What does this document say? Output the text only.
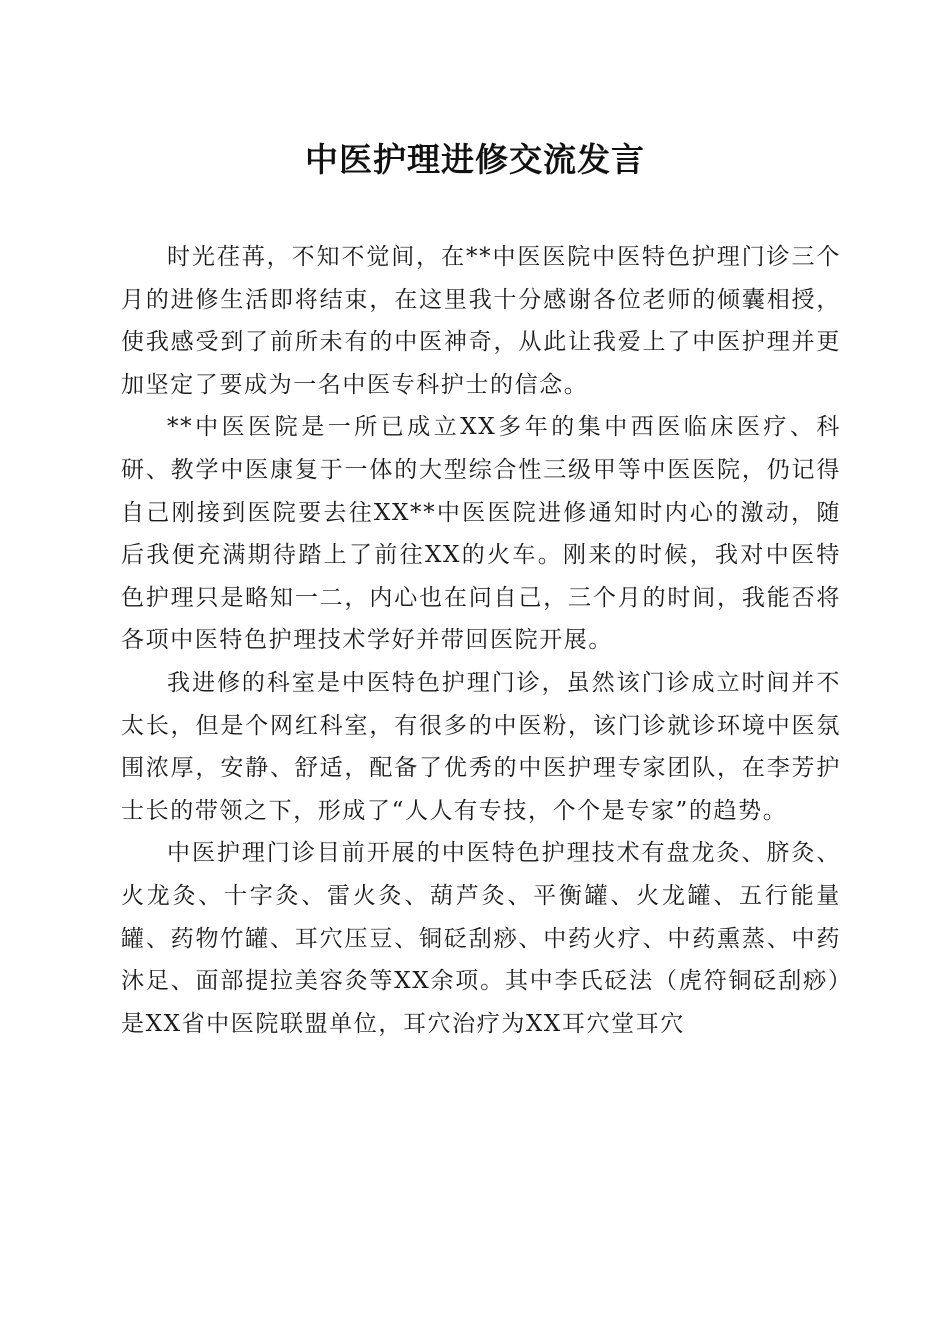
中医护理进修交流发言

时光荏苒，不知不觉间，在**中医医院中医特色护理门诊三个月的进修生活即将结束，在这里我十分感谢各位老师的倾囊相授，使我感受到了前所未有的中医神奇，从此让我爱上了中医护理并更加坚定了要成为一名中医专科护士的信念。

**中医医院是一所已成立XX多年的集中西医临床医疗、科研、教学中医康复于一体的大型综合性三级甲等中医医院，仍记得自己刚接到医院要去往XX**中医医院进修通知时内心的激动，随后我便充满期待踏上了前往XX的火车。刚来的时候，我对中医特色护理只是略知一二，内心也在问自己，三个月的时间，我能否将各项中医特色护理技术学好并带回医院开展。

我进修的科室是中医特色护理门诊，虽然该门诊成立时间并不太长，但是个网红科室，有很多的中医粉，该门诊就诊环境中医氛围浓厚，安静、舒适，配备了优秀的中医护理专家团队，在李芳护士长的带领之下，形成了“人人有专技，个个是专家”的趋势。

中医护理门诊目前开展的中医特色护理技术有盘龙灸、脐灸、火龙灸、十字灸、雷火灸、葫芦灸、平衡罐、火龙罐、五行能量罐、药物竹罐、耳穴压豆、铜砭刮痧、中药火疗、中药熏蒸、中药沐足、面部提拉美容灸等XX余项。其中李氏砭法（虎符铜砭刮痧）是XX省中医院联盟单位，耳穴治疗为XX耳穴堂耳穴
